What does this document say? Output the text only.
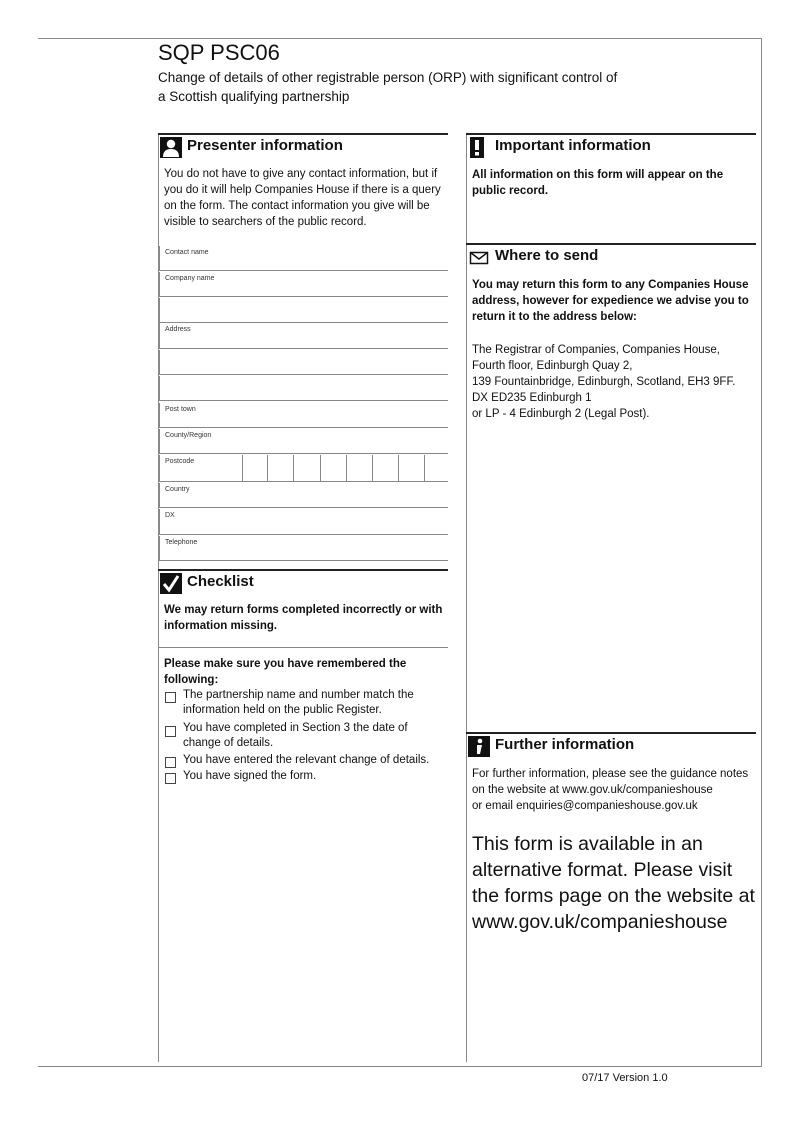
SQP PSC06
Change of details of other registrable person (ORP) with significant control of
a Scottish qualifying partnership
Presenter information
You do not have to give any contact information, but if you do it will help Companies House if there is a query on the form. The contact information you give will be visible to searchers of the public record.
Contact name
Company name
Address
Post town
County/Region
Postcode
Country
DX
Telephone
Checklist
We may return forms completed incorrectly or with information missing.
Please make sure you have remembered the following:
The partnership name and number match the information held on the public Register.
You have completed in Section 3 the date of change of details.
You have entered the relevant change of details.
You have signed the form.
Important information
All information on this form will appear on the public record.
Where to send
You may return this form to any Companies House address, however for expedience we advise you to return it to the address below:
The Registrar of Companies, Companies House,
Fourth floor, Edinburgh Quay 2,
139 Fountainbridge, Edinburgh, Scotland, EH3 9FF.
DX ED235 Edinburgh 1
or LP - 4 Edinburgh 2 (Legal Post).
Further information
For further information, please see the guidance notes
on the website at www.gov.uk/companieshouse
or email enquiries@companieshouse.gov.uk
This form is available in an alternative format. Please visit the forms page on the website at www.gov.uk/companieshouse
07/17 Version 1.0
